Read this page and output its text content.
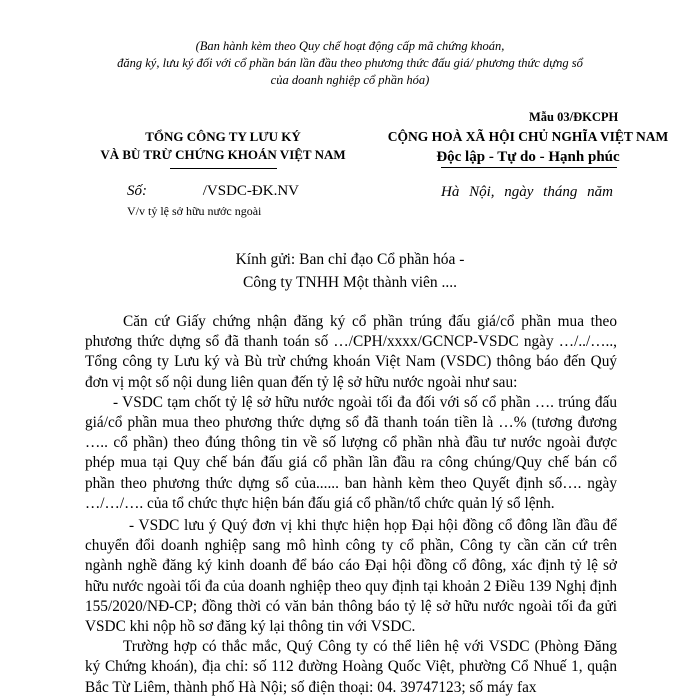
(Ban hành kèm theo Quy chế hoạt động cấp mã chứng khoán,
đăng ký, lưu ký đối với cổ phần bán lần đầu theo phương thức đấu giá/ phương thức dựng sổ
của doanh nghiệp cổ phần hóa)
Mẫu 03/ĐKCPH
TỔNG CÔNG TY LƯU KÝ
VÀ BÙ TRỪ CHỨNG KHOÁN VIỆT NAM
CỘNG HOÀ XÃ HỘI CHỦ NGHĨA VIỆT NAM
Độc lập - Tự do - Hạnh phúc
Số:	/VSDC-ĐK.NV
V/v tỷ lệ sở hữu nước ngoài
Hà Nội, ngày tháng năm
Kính gửi: Ban chỉ đạo Cổ phần hóa -
Công ty TNHH Một thành viên ....

Căn cứ Giấy chứng nhận đăng ký cổ phần trúng đấu giá/cổ phần mua theo phương thức dựng sổ đã thanh toán số …/CPH/xxxx/GCNCP-VSDC ngày …/../….., Tổng công ty Lưu ký và Bù trừ chứng khoán Việt Nam (VSDC) thông báo đến Quý đơn vị một số nội dung liên quan đến tỷ lệ sở hữu nước ngoài như sau:

- VSDC tạm chốt tỷ lệ sở hữu nước ngoài tối đa đối với số cổ phần …. trúng đấu giá/cổ phần mua theo phương thức dựng sổ đã thanh toán tiền là …% (tương đương ….. cổ phần) theo đúng thông tin về số lượng cổ phần nhà đầu tư nước ngoài được phép mua tại Quy chế bán đấu giá cổ phần lần đầu ra công chúng/Quy chế bán cổ phần theo phương thức dựng sổ của...... ban hành kèm theo Quyết định số…. ngày …/…/…. của tổ chức thực hiện bán đấu giá cổ phần/tổ chức quản lý sổ lệnh.

- VSDC lưu ý Quý đơn vị khi thực hiện họp Đại hội đồng cổ đông lần đầu để chuyển đổi doanh nghiệp sang mô hình công ty cổ phần, Công ty cần căn cứ trên ngành nghề đăng ký kinh doanh để báo cáo Đại hội đồng cổ đông, xác định tỷ lệ sở hữu nước ngoài tối đa của doanh nghiệp theo quy định tại khoản 2 Điều 139 Nghị định 155/2020/NĐ-CP; đồng thời có văn bản thông báo tỷ lệ sở hữu nước ngoài tối đa gửi VSDC khi nộp hồ sơ đăng ký lại thông tin với VSDC.

Trường hợp có thắc mắc, Quý Công ty có thể liên hệ với VSDC (Phòng Đăng ký Chứng khoán), địa chỉ: số 112 đường Hoàng Quốc Việt, phường Cổ Nhuế 1, quận Bắc Từ Liêm, thành phố Hà Nội; số điện thoại: 04. 39747123; số máy fax
